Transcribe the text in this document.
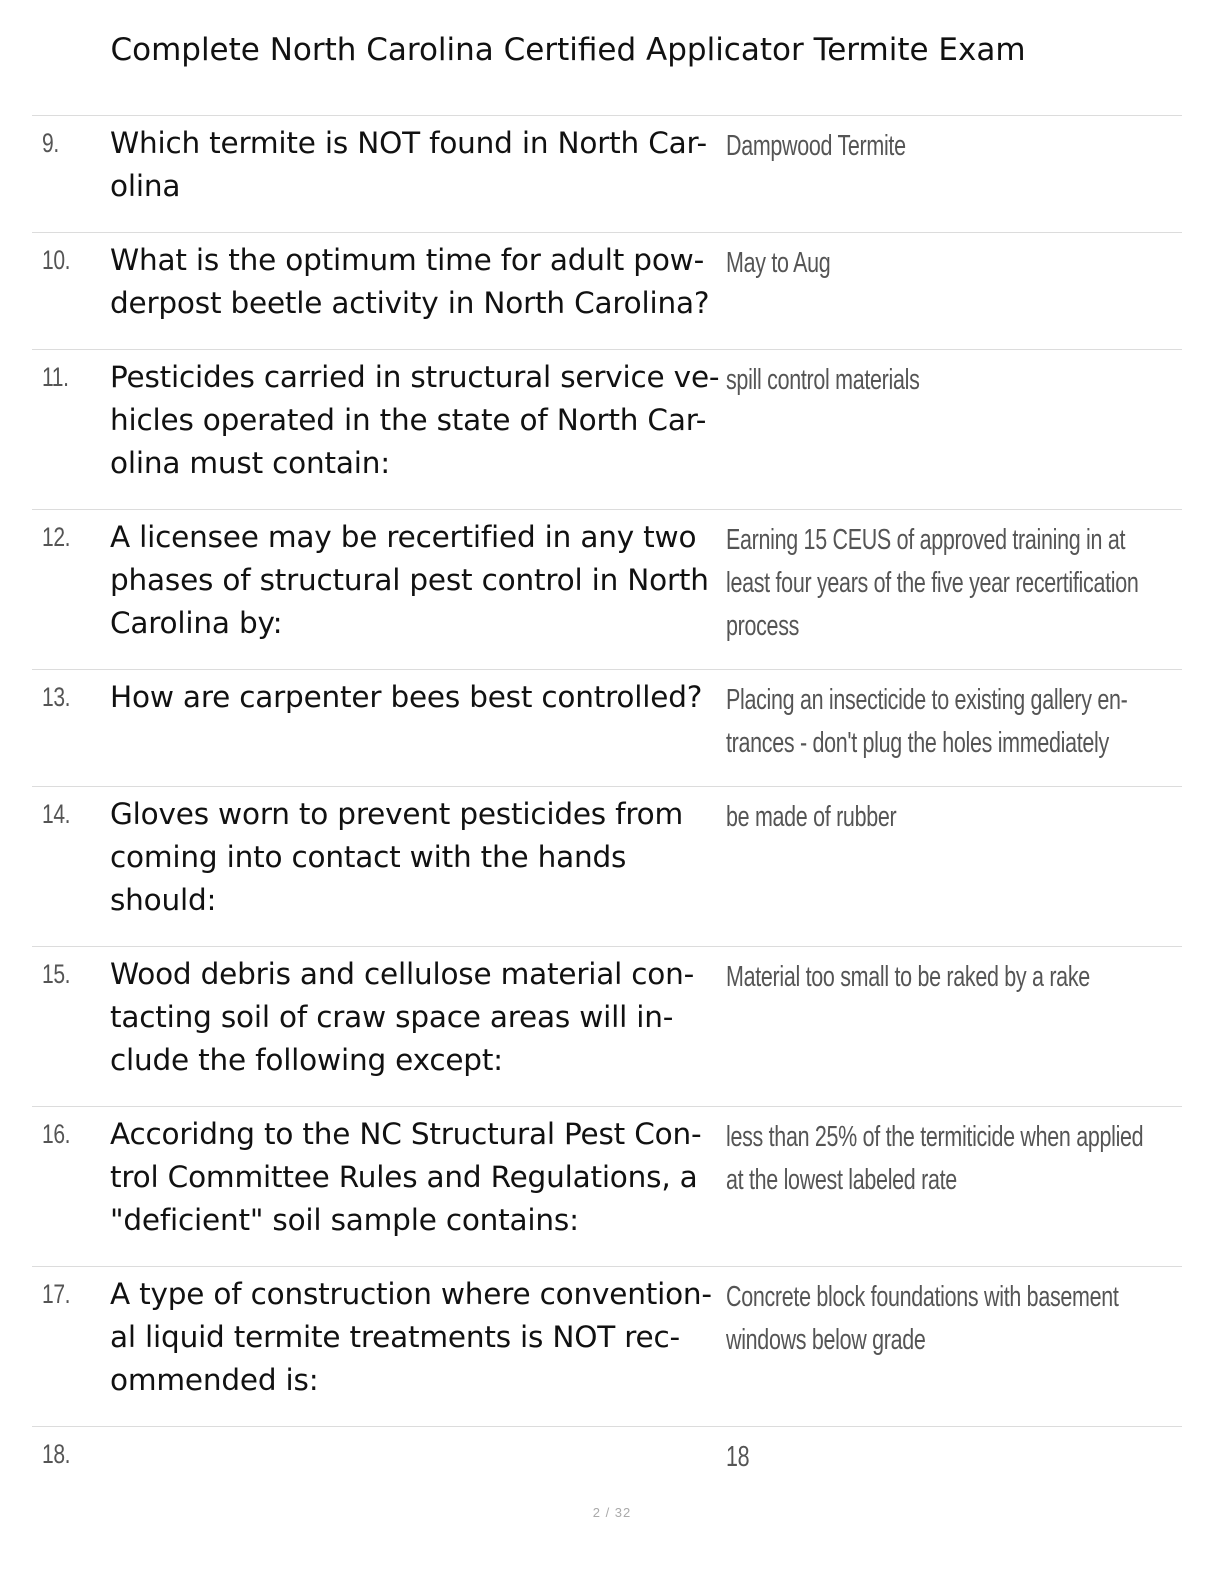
Complete North Carolina Certified Applicator Termite Exam
9. Which termite is NOT found in North Car-
olina
Dampwood Termite
10. What is the optimum time for adult pow-
derpost beetle activity in North Carolina?
May to Aug
11. Pesticides carried in structural service ve-
hicles operated in the state of North Car-
olina must contain:
spill control materials
12. A licensee may be recertified in any two
phases of structural pest control in North
Carolina by:
Earning 15 CEUS of approved training in at
least four years of the five year recertification
process
13. How are carpenter bees best controlled? Placing an insecticide to existing gallery en-
trances - don't plug the holes immediately
14. Gloves worn to prevent pesticides from
coming into contact with the hands
should:
be made of rubber
15. Wood debris and cellulose material con-
tacting soil of craw space areas will in-
clude the following except:
Material too small to be raked by a rake
16. Accoridng to the NC Structural Pest Con-
trol Committee Rules and Regulations, a
"deficient" soil sample contains:
less than 25% of the termiticide when applied
at the lowest labeled rate
17. A type of construction where convention-
al liquid termite treatments is NOT rec-
ommended is:
Concrete block foundations with basement
windows below grade
18.	18
2 / 32
